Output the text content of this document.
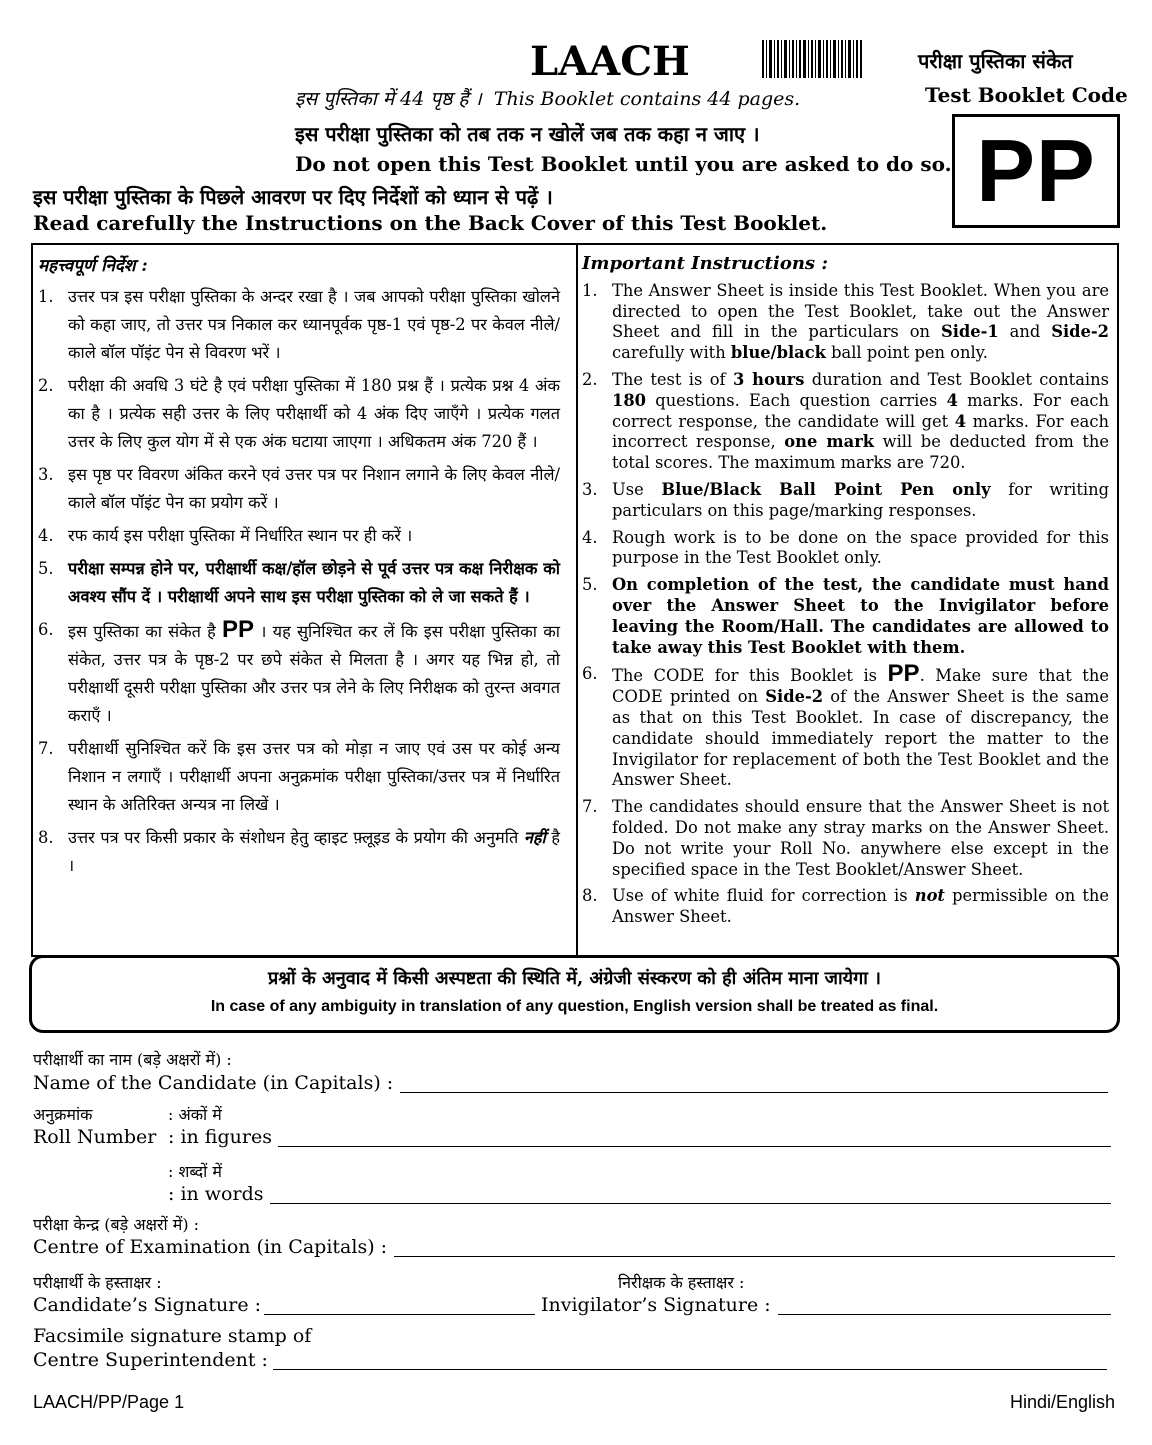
LAACH	परीक्षा पुस्तिका संकेत
Test Booklet Code
इस पुस्तिका में 44 पृष्ठ हैं । This Booklet contains 44 pages.
इस परीक्षा पुस्तिका को तब तक न खोलें जब तक कहा न जाए ।
Do not open this Test Booklet until you are asked to do so.
इस परीक्षा पुस्तिका के पिछले आवरण पर दिए निर्देशों को ध्यान से पढ़ें ।
Read carefully the Instructions on the Back Cover of this Test Booklet.
PP
महत्त्वपूर्ण निर्देश :
1. उत्तर पत्र इस परीक्षा पुस्तिका के अन्दर रखा है । जब आपको परीक्षा पुस्तिका खोलने को कहा जाए, तो उत्तर पत्र निकाल कर ध्यानपूर्वक पृष्ठ-1 एवं पृष्ठ-2 पर केवल नीले/काले बॉल पॉइंट पेन से विवरण भरें ।
2. परीक्षा की अवधि 3 घंटे है एवं परीक्षा पुस्तिका में 180 प्रश्न हैं । प्रत्येक प्रश्न 4 अंक का है । प्रत्येक सही उत्तर के लिए परीक्षार्थी को 4 अंक दिए जाएँगे । प्रत्येक गलत उत्तर के लिए कुल योग में से एक अंक घटाया जाएगा । अधिकतम अंक 720 हैं ।
3. इस पृष्ठ पर विवरण अंकित करने एवं उत्तर पत्र पर निशान लगाने के लिए केवल नीले/काले बॉल पॉइंट पेन का प्रयोग करें ।
4. रफ कार्य इस परीक्षा पुस्तिका में निर्धारित स्थान पर ही करें ।
5. परीक्षा सम्पन्न होने पर, परीक्षार्थी कक्ष/हॉल छोड़ने से पूर्व उत्तर पत्र कक्ष निरीक्षक को अवश्य सौंप दें । परीक्षार्थी अपने साथ इस परीक्षा पुस्तिका को ले जा सकते हैं ।
6. इस पुस्तिका का संकेत है PP । यह सुनिश्चित कर लें कि इस परीक्षा पुस्तिका का संकेत, उत्तर पत्र के पृष्ठ-2 पर छपे संकेत से मिलता है । अगर यह भिन्न हो, तो परीक्षार्थी दूसरी परीक्षा पुस्तिका और उत्तर पत्र लेने के लिए निरीक्षक को तुरन्त अवगत कराएँ ।
7. परीक्षार्थी सुनिश्चित करें कि इस उत्तर पत्र को मोड़ा न जाए एवं उस पर कोई अन्य निशान न लगाएँ । परीक्षार्थी अपना अनुक्रमांक परीक्षा पुस्तिका/उत्तर पत्र में निर्धारित स्थान के अतिरिक्त अन्यत्र ना लिखें ।
8. उत्तर पत्र पर किसी प्रकार के संशोधन हेतु व्हाइट फ़्लूइड के प्रयोग की अनुमति नहीं है ।
Important Instructions :
1. The Answer Sheet is inside this Test Booklet. When you are directed to open the Test Booklet, take out the Answer Sheet and fill in the particulars on Side-1 and Side-2 carefully with blue/black ball point pen only.
2. The test is of 3 hours duration and Test Booklet contains 180 questions. Each question carries 4 marks. For each correct response, the candidate will get 4 marks. For each incorrect response, one mark will be deducted from the total scores. The maximum marks are 720.
3. Use Blue/Black Ball Point Pen only for writing particulars on this page/marking responses.
4. Rough work is to be done on the space provided for this purpose in the Test Booklet only.
5. On completion of the test, the candidate must hand over the Answer Sheet to the Invigilator before leaving the Room/Hall. The candidates are allowed to take away this Test Booklet with them.
6. The CODE for this Booklet is PP. Make sure that the CODE printed on Side-2 of the Answer Sheet is the same as that on this Test Booklet. In case of discrepancy, the candidate should immediately report the matter to the Invigilator for replacement of both the Test Booklet and the Answer Sheet.
7. The candidates should ensure that the Answer Sheet is not folded. Do not make any stray marks on the Answer Sheet. Do not write your Roll No. anywhere else except in the specified space in the Test Booklet/Answer Sheet.
8. Use of white fluid for correction is not permissible on the Answer Sheet.
प्रश्नों के अनुवाद में किसी अस्पष्टता की स्थिति में, अंग्रेजी संस्करण को ही अंतिम माना जायेगा ।
In case of any ambiguity in translation of any question, English version shall be treated as final.
परीक्षार्थी का नाम (बड़े अक्षरों में) :
Name of the Candidate (in Capitals) :
अनुक्रमांक	: अंकों में
Roll Number : in figures
: शब्दों में
: in words
परीक्षा केन्द्र (बड़े अक्षरों में) :
Centre of Examination (in Capitals) :
परीक्षार्थी के हस्ताक्षर :	निरीक्षक के हस्ताक्षर :
Candidate’s Signature :	Invigilator’s Signature :
Facsimile signature stamp of
Centre Superintendent :
LAACH/PP/Page 1	Hindi/English
